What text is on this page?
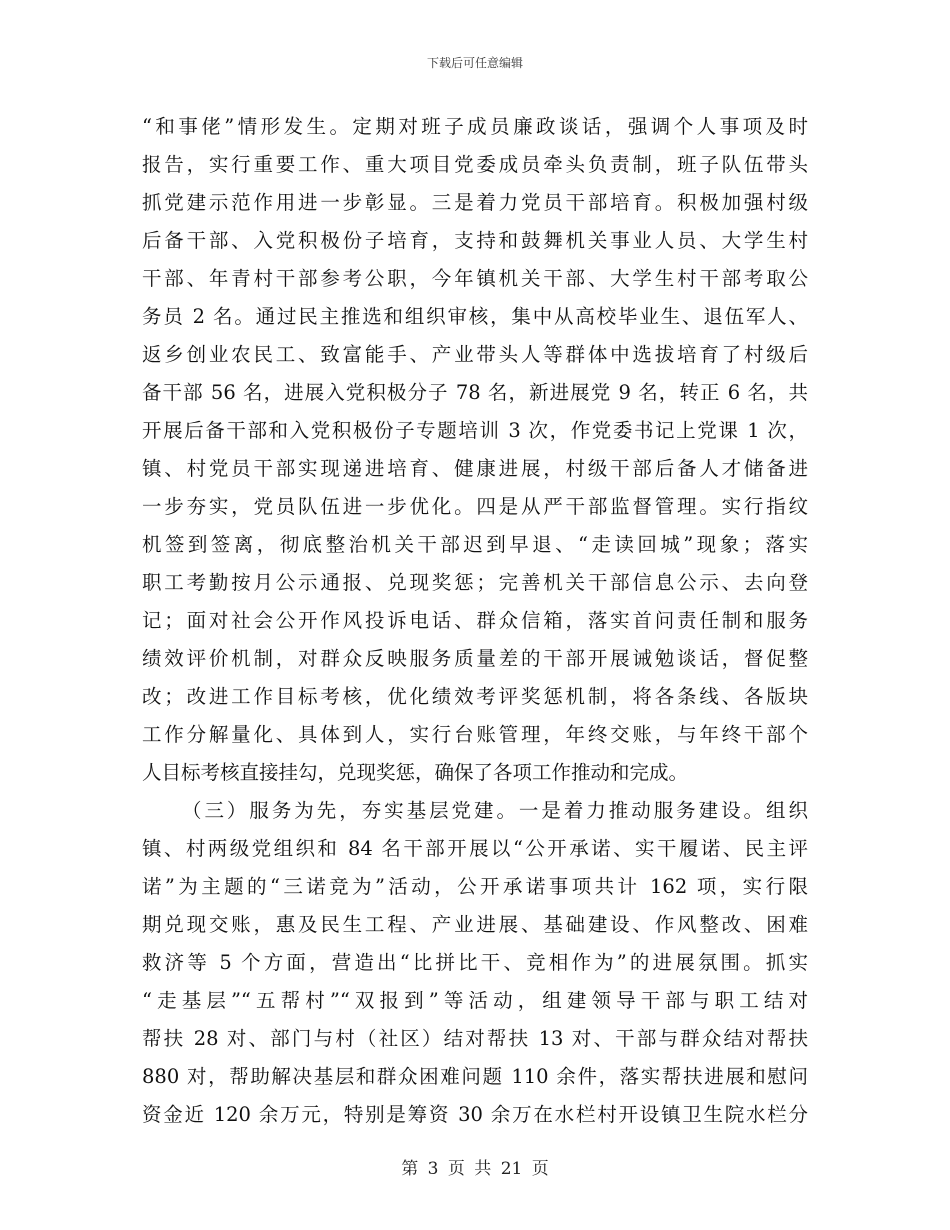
下载后可任意编辑
“和事佬”情形发生。定期对班子成员廉政谈话，强调个人事项及时
报告，实行重要工作、重大项目党委成员牵头负责制，班子队伍带头
抓党建示范作用进一步彰显。三是着力党员干部培育。积极加强村级
后备干部、入党积极份子培育，支持和鼓舞机关事业人员、大学生村
干部、年青村干部参考公职，今年镇机关干部、大学生村干部考取公
务员 2 名。通过民主推选和组织审核，集中从高校毕业生、退伍军人、
返乡创业农民工、致富能手、产业带头人等群体中选拔培育了村级后
备干部 56 名，进展入党积极分子 78 名，新进展党 9 名，转正 6 名，共
开展后备干部和入党积极份子专题培训 3 次，作党委书记上党课 1 次，
镇、村党员干部实现递进培育、健康进展，村级干部后备人才储备进
一步夯实，党员队伍进一步优化。四是从严干部监督管理。实行指纹
机签到签离，彻底整治机关干部迟到早退、“走读回城”现象；落实
职工考勤按月公示通报、兑现奖惩；完善机关干部信息公示、去向登
记；面对社会公开作风投诉电话、群众信箱，落实首问责任制和服务
绩效评价机制，对群众反映服务质量差的干部开展诫勉谈话，督促整
改；改进工作目标考核，优化绩效考评奖惩机制，将各条线、各版块
工作分解量化、具体到人，实行台账管理，年终交账，与年终干部个
人目标考核直接挂勾，兑现奖惩，确保了各项工作推动和完成。
（三）服务为先，夯实基层党建。一是着力推动服务建设。组织
镇、村两级党组织和 84 名干部开展以“公开承诺、实干履诺、民主评
诺”为主题的“三诺竞为”活动，公开承诺事项共计 162 项，实行限
期兑现交账，惠及民生工程、产业进展、基础建设、作风整改、困难
救济等 5 个方面，营造出“比拼比干、竞相作为”的进展氛围。抓实
“走基层”“五帮村”“双报到”等活动，组建领导干部与职工结对
帮扶 28 对、部门与村（社区）结对帮扶 13 对、干部与群众结对帮扶
880 对，帮助解决基层和群众困难问题 110 余件，落实帮扶进展和慰问
资金近 120 余万元，特别是筹资 30 余万在水栏村开设镇卫生院水栏分
第 3 页 共 21 页
